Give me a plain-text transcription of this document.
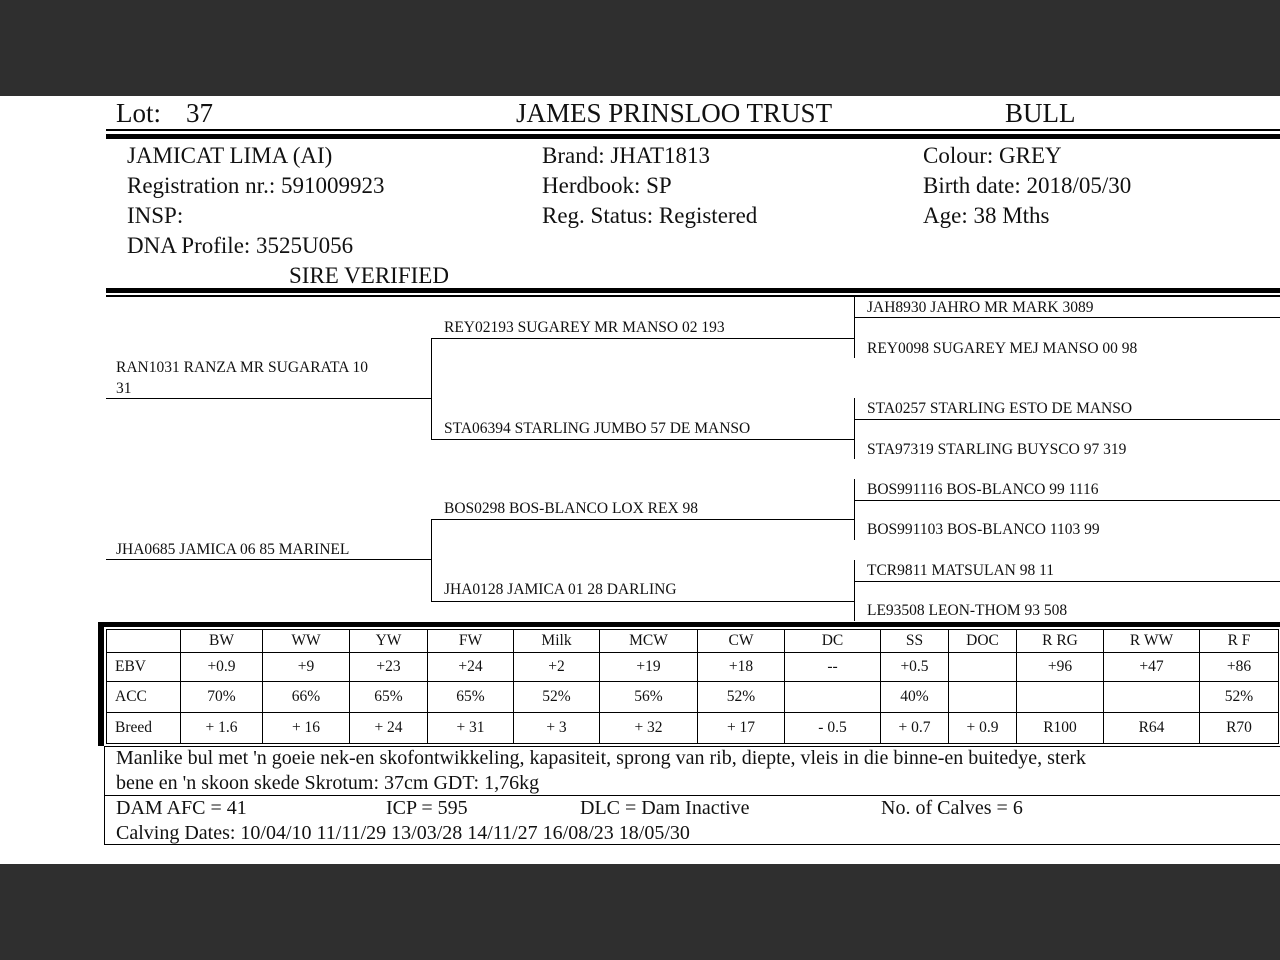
Lot: 37	JAMES PRINSLOO TRUST	BULL
JAMICAT LIMA (AI)
Registration nr.: 591009923
INSP:
DNA Profile: 3525U056
SIRE VERIFIED
Brand: JHAT1813
Herdbook: SP
Reg. Status: Registered
Colour: GREY
Birth date: 2018/05/30
Age: 38 Mths
RAN1031 RANZA MR SUGARATA 10
31
JHA0685 JAMICA 06 85 MARINEL
REY02193 SUGAREY MR MANSO 02 193
STA06394 STARLING JUMBO 57 DE MANSO
BOS0298 BOS-BLANCO LOX REX 98
JHA0128 JAMICA 01 28 DARLING
JAH8930 JAHRO MR MARK 3089
REY0098 SUGAREY MEJ MANSO 00 98
STA0257 STARLING ESTO DE MANSO
STA97319 STARLING BUYSCO 97 319
BOS991116 BOS-BLANCO 99 1116
BOS991103 BOS-BLANCO 1103 99
TCR9811 MATSULAN 98 11
LE93508 LEON-THOM 93 508
	BW	WW	YW	FW	Milk	MCW	CW	DC	SS	DOC	R RG	R WW	R F
EBV	+0.9	+9	+23	+24	+2	+19	+18	--	+0.5		+96	+47	+86
ACC	70%	66%	65%	65%	52%	56%	52%		40%				52%
Breed	+ 1.6	+ 16	+ 24	+ 31	+ 3	+ 32	+ 17	- 0.5	+ 0.7	+ 0.9	R100	R64	R70
Manlike bul met 'n goeie nek-en skofontwikkeling, kapasiteit, sprong van rib, diepte, vleis in die binne-en buitedye, sterk
bene en 'n skoon skede Skrotum: 37cm GDT: 1,76kg
DAM AFC = 41	ICP = 595	DLC = Dam Inactive	No. of Calves = 6
Calving Dates: 10/04/10 11/11/29 13/03/28 14/11/27 16/08/23 18/05/30
